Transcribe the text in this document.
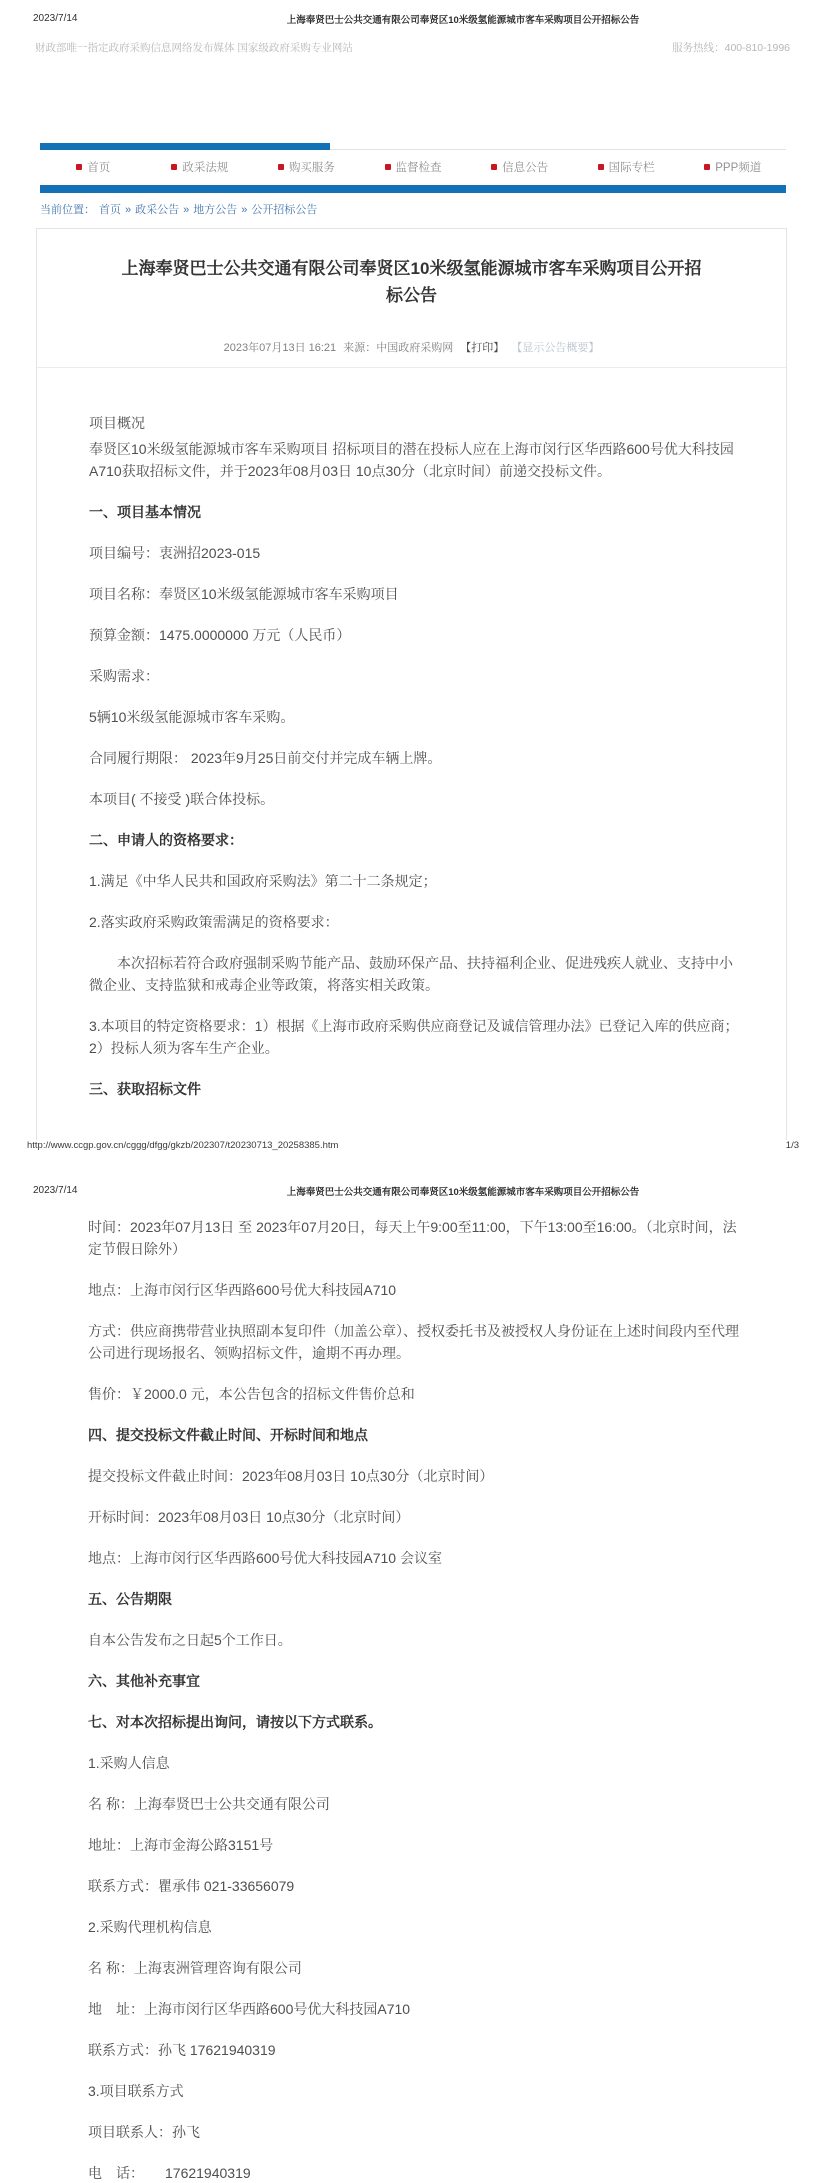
2023/7/14	上海奉贤巴士公共交通有限公司奉贤区10米级氢能源城市客车采购项目公开招标公告
财政部唯一指定政府采购信息网络发布媒体 国家级政府采购专业网站	服务热线：400-810-1996
首页	政采法规	购买服务	监督检查	信息公告	国际专栏	PPP频道
当前位置： 首页 » 政采公告 » 地方公告 » 公开招标公告
上海奉贤巴士公共交通有限公司奉贤区10米级氢能源城市客车采购项目公开招标公告
2023年07月13日 16:21 来源：中国政府采购网 【打印】 【显示公告概要】

项目概况

奉贤区10米级氢能源城市客车采购项目 招标项目的潜在投标人应在上海市闵行区华西路600号优大科技园A710获取招标文件，并于2023年08月03日 10点30分（北京时间）前递交投标文件。

一、项目基本情况

项目编号：衷洲招2023-015

项目名称：奉贤区10米级氢能源城市客车采购项目

预算金额：1475.0000000 万元（人民币）

采购需求：

5辆10米级氢能源城市客车采购。

合同履行期限： 2023年9月25日前交付并完成车辆上牌。

本项目( 不接受 )联合体投标。

二、申请人的资格要求：

1.满足《中华人民共和国政府采购法》第二十二条规定；

2.落实政府采购政策需满足的资格要求：

本次招标若符合政府强制采购节能产品、鼓励环保产品、扶持福利企业、促进残疾人就业、支持中小微企业、支持监狱和戒毒企业等政策，将落实相关政策。

3.本项目的特定资格要求：1）根据《上海市政府采购供应商登记及诚信管理办法》已登记入库的供应商；2）投标人须为客车生产企业。

三、获取招标文件

http://www.ccgp.gov.cn/cggg/dfgg/gkzb/202307/t20230713_20258385.htm	1/3
2023/7/14	上海奉贤巴士公共交通有限公司奉贤区10米级氢能源城市客车采购项目公开招标公告

时间：2023年07月13日 至 2023年07月20日，每天上午9:00至11:00，下午13:00至16:00。（北京时间，法定节假日除外）

地点：上海市闵行区华西路600号优大科技园A710

方式：供应商携带营业执照副本复印件（加盖公章）、授权委托书及被授权人身份证在上述时间段内至代理公司进行现场报名、领购招标文件，逾期不再办理。

售价：￥2000.0 元，本公告包含的招标文件售价总和

四、提交投标文件截止时间、开标时间和地点

提交投标文件截止时间：2023年08月03日 10点30分（北京时间）

开标时间：2023年08月03日 10点30分（北京时间）

地点：上海市闵行区华西路600号优大科技园A710 会议室

五、公告期限

自本公告发布之日起5个工作日。

六、其他补充事宜

七、对本次招标提出询问，请按以下方式联系。

1.采购人信息

名 称：上海奉贤巴士公共交通有限公司

地址：上海市金海公路3151号

联系方式：瞿承伟 021-33656079

2.采购代理机构信息

名 称：上海衷洲管理咨询有限公司

地　址：上海市闵行区华西路600号优大科技园A710

联系方式：孙飞 17621940319

3.项目联系方式

项目联系人：孙飞

电　话：　　17621940319
